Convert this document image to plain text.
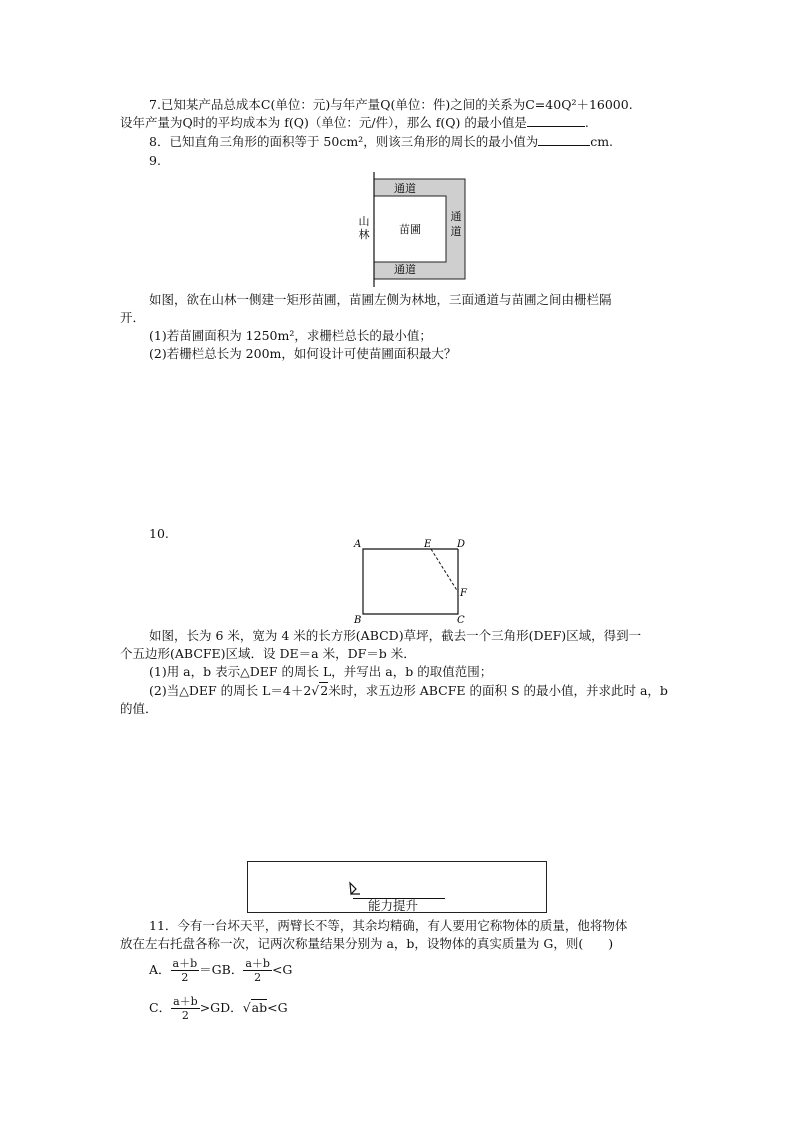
7.已知某产品总成本C(单位：元)与年产量Q(单位：件)之间的关系为C=40Q²＋16000.
设年产量为Q时的平均成本为 f(Q)（单位：元/件），那么 f(Q) 的最小值是	.
8．已知直角三角形的面积等于 50cm²，则该三角形的周长的最小值为	cm.
9.
通道
通
道
通道
山
林	苗圃
如图，欲在山林一侧建一矩形苗圃，苗圃左侧为林地，三面通道与苗圃之间由栅栏隔
开．
(1)若苗圃面积为 1250m²，求栅栏总长的最小值；
(2)若栅栏总长为 200m，如何设计可使苗圃面积最大？
10.
A	E	D
F
B	C
如图，长为 6 米，宽为 4 米的长方形(ABCD)草坪，截去一个三角形(DEF)区域，得到一
个五边形(ABCFE)区域．设 DE＝a 米，DF＝b 米．
(1)用 a，b 表示△DEF 的周长 L，并写出 a，b 的取值范围；
(2)当△DEF 的周长 L＝4＋2√2米时，求五边形 ABCFE 的面积 S 的最小值，并求此时 a，b
的值．
能力提升
11．今有一台坏天平，两臂长不等，其余均精确，有人要用它称物体的质量，他将物体
放在左右托盘各称一次，记两次称量结果分别为 a，b，设物体的真实质量为 G，则(　　)
A． $\frac{a+b}{2} =GB$． $\frac{a+b}{2} <G$
C． $\frac{a+b}{2} >GD$．√ab<G
